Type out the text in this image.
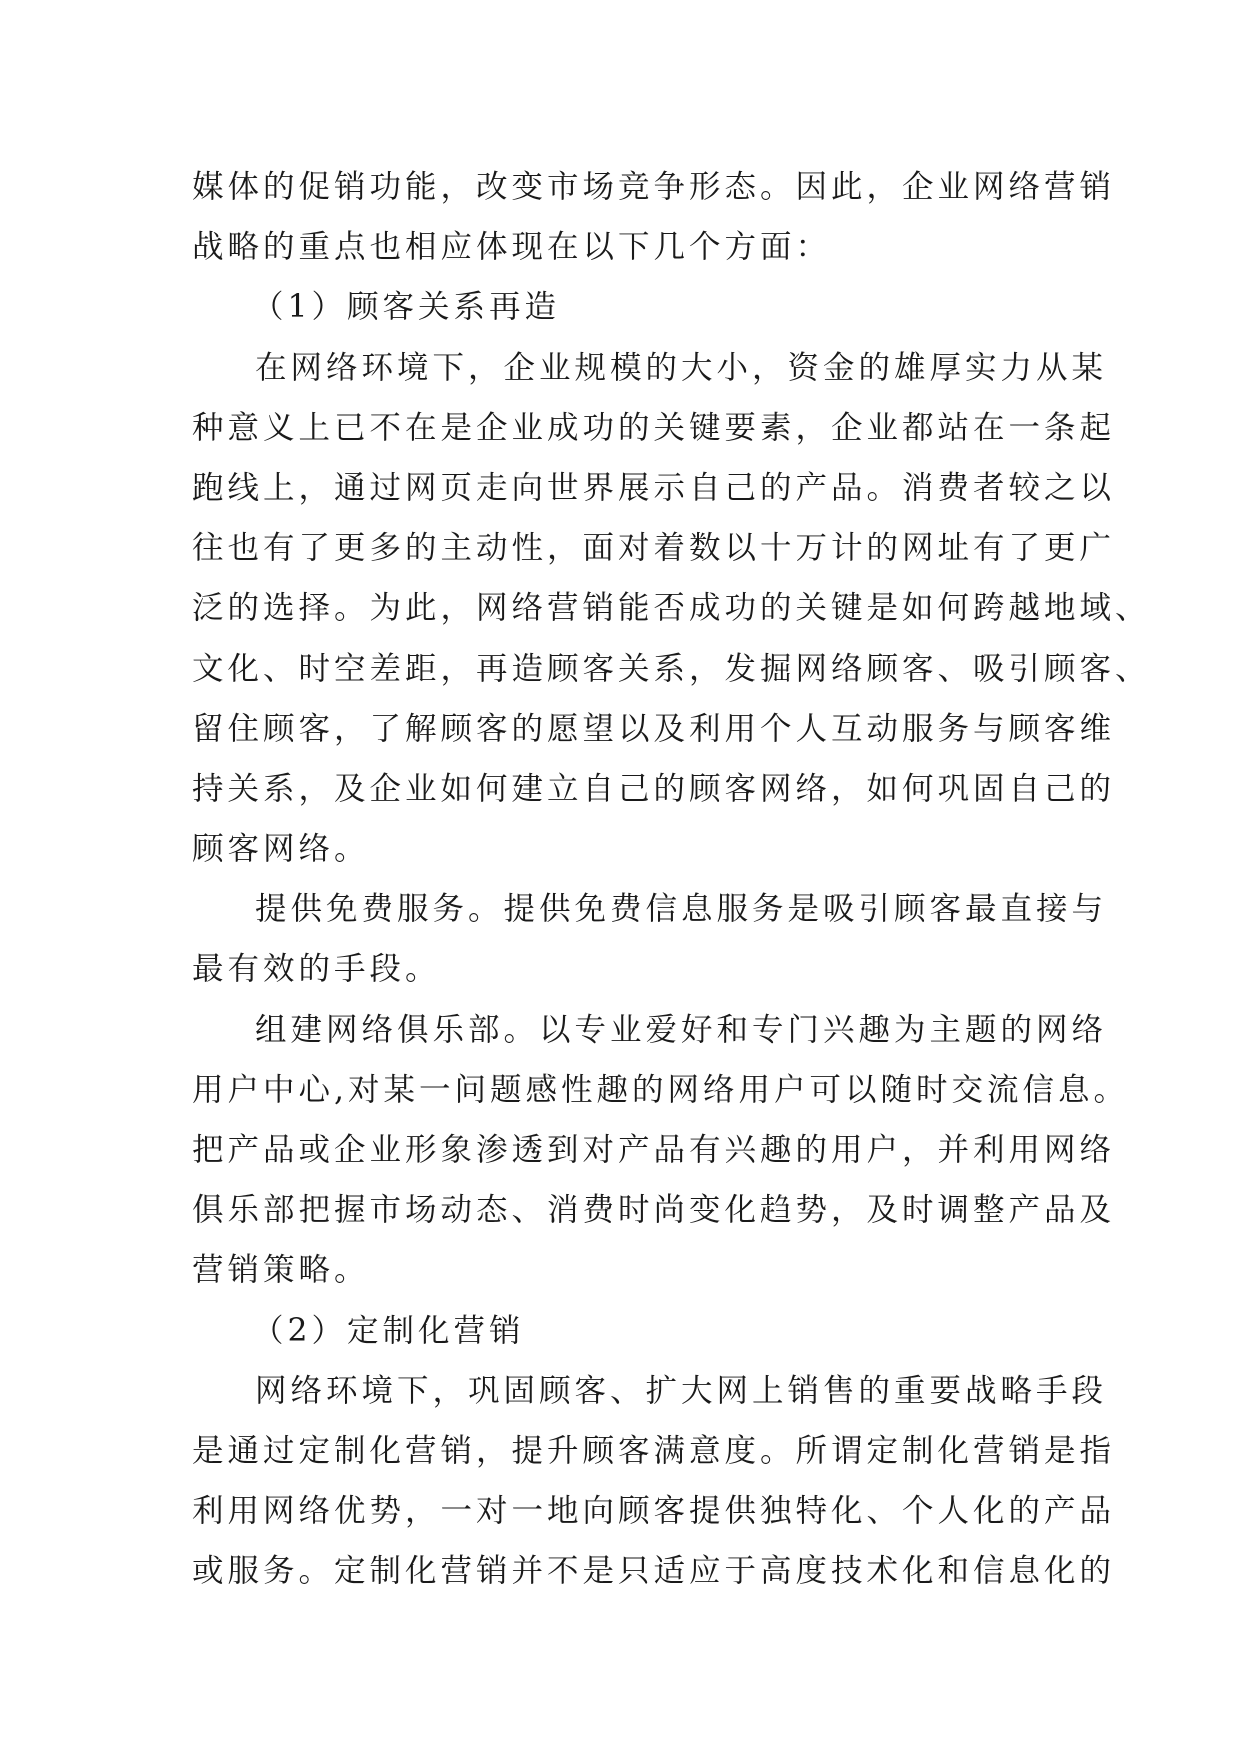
媒体的促销功能，改变市场竞争形态。因此，企业网络营销
战略的重点也相应体现在以下几个方面：
（1）顾客关系再造
在网络环境下，企业规模的大小，资金的雄厚实力从某
种意义上已不在是企业成功的关键要素，企业都站在一条起
跑线上，通过网页走向世界展示自己的产品。消费者较之以
往也有了更多的主动性，面对着数以十万计的网址有了更广
泛的选择。为此，网络营销能否成功的关键是如何跨越地域、
文化、时空差距，再造顾客关系，发掘网络顾客、吸引顾客、
留住顾客，了解顾客的愿望以及利用个人互动服务与顾客维
持关系，及企业如何建立自己的顾客网络，如何巩固自己的
顾客网络。
提供免费服务。提供免费信息服务是吸引顾客最直接与
最有效的手段。
组建网络俱乐部。以专业爱好和专门兴趣为主题的网络
用户中心,对某一问题感性趣的网络用户可以随时交流信息。
把产品或企业形象渗透到对产品有兴趣的用户，并利用网络
俱乐部把握市场动态、消费时尚变化趋势，及时调整产品及
营销策略。
（2）定制化营销
网络环境下，巩固顾客、扩大网上销售的重要战略手段
是通过定制化营销，提升顾客满意度。所谓定制化营销是指
利用网络优势，一对一地向顾客提供独特化、个人化的产品
或服务。定制化营销并不是只适应于高度技术化和信息化的
